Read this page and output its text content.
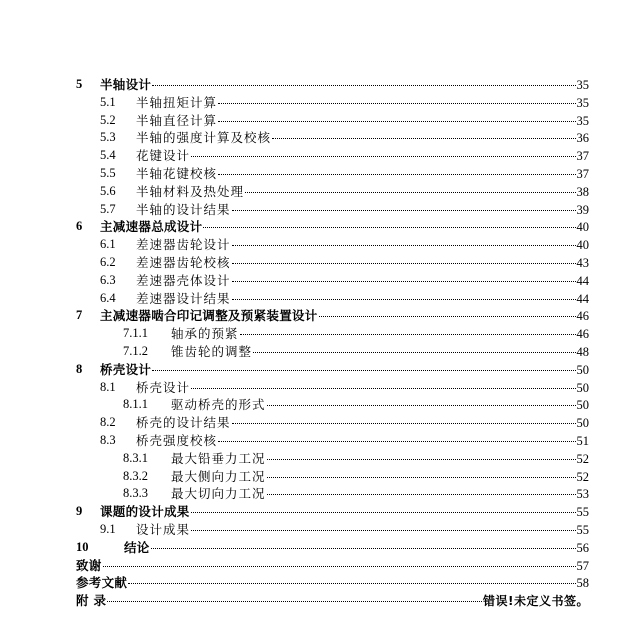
5 半轴设计	35
5.1 半轴扭矩计算	35
5.2 半轴直径计算	35
5.3 半轴的强度计算及校核	36
5.4 花键设计	37
5.5 半轴花键校核	37
5.6 半轴材料及热处理	38
5.7 半轴的设计结果	39
6 主减速器总成设计	40
6.1 差速器齿轮设计	40
6.2 差速器齿轮校核	43
6.3 差速器壳体设计	44
6.4 差速器设计结果	44
7 主减速器啮合印记调整及预紧装置设计	46
7.1.1 轴承的预紧	46
7.1.2 锥齿轮的调整	48
8 桥壳设计	50
8.1 桥壳设计	50
8.1.1 驱动桥壳的形式	50
8.2 桥壳的设计结果	50
8.3 桥壳强度校核	51
8.3.1 最大铅垂力工况	52
8.3.2 最大侧向力工况	52
8.3.3 最大切向力工况	53
9 课题的设计成果	55
9.1 设计成果	55
10	结论	56
致谢	57
参考文献	58
附 录	错误!未定义书签。
